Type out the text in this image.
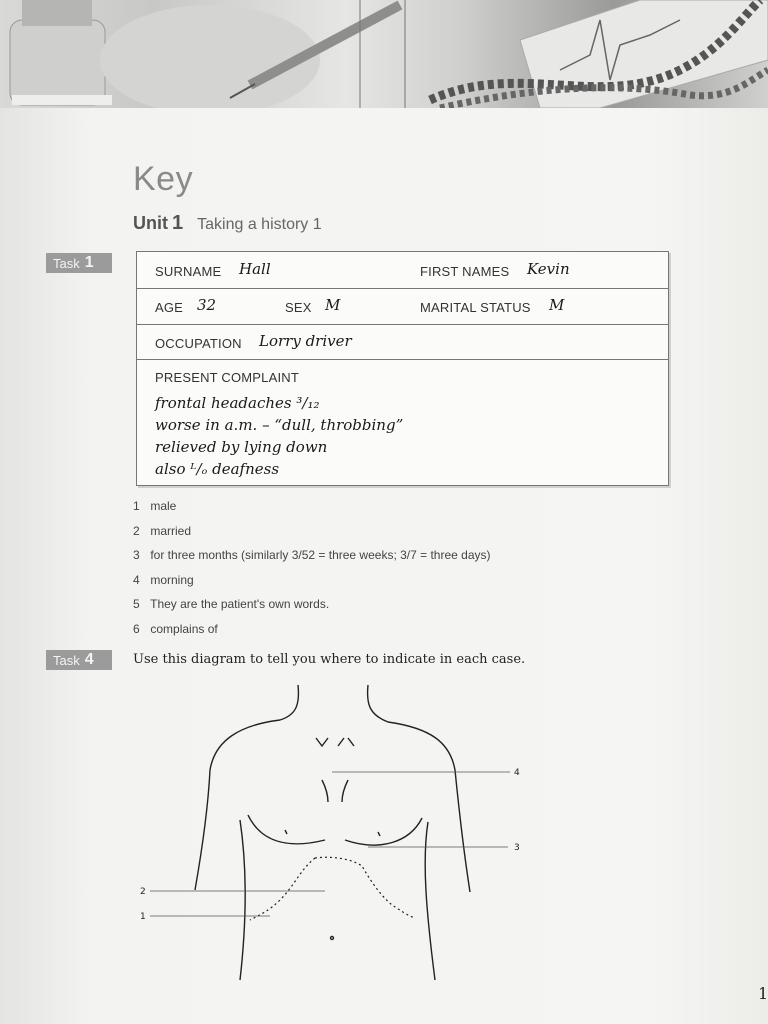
Key
Unit 1 Taking a history 1
Task 1
SURNAME Hall	FIRST NAMES Kevin
AGE 32	SEX M	MARITAL STATUS M
OCCUPATION Lorry driver
PRESENT COMPLAINT
frontal headaches ³/₁₂
worse in a.m. – “dull, throbbing”
relieved by lying down
also ᴸ/ₒ deafness
1 male
2 married
3 for three months (similarly 3/52 = three weeks; 3/7 = three days)
4 morning
5 They are the patient's own words.
6 complains of
Task 4	Use this diagram to tell you where to indicate in each case.
1
2
3
4
1
